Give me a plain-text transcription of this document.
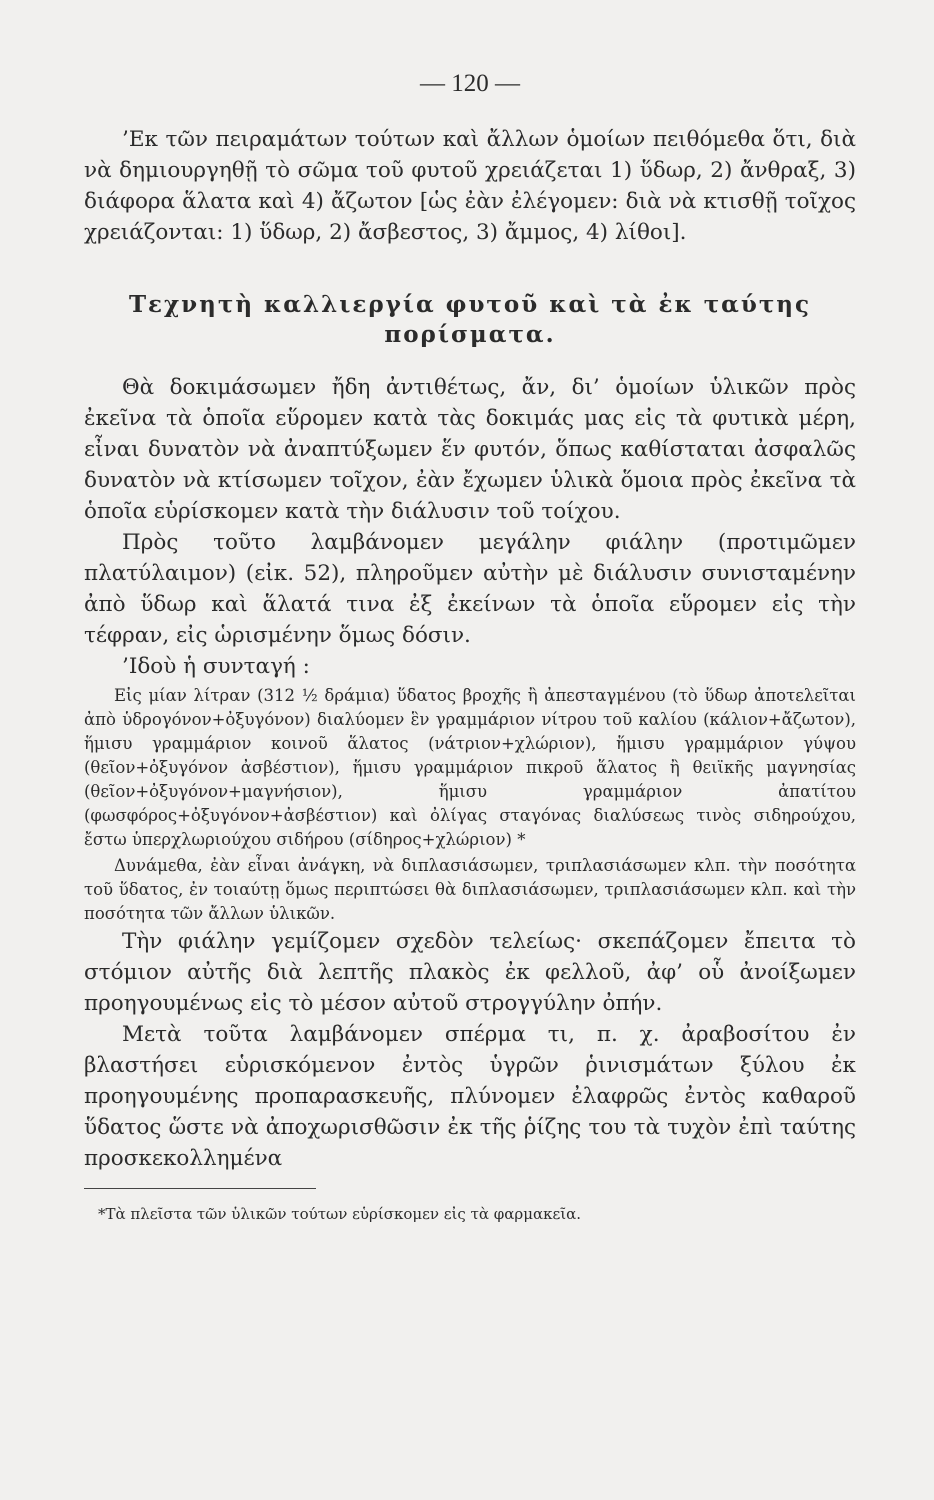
— 120 —

’Εκ τῶν πειραμάτων τούτων καὶ ἄλλων ὁμοίων πειθόμεθα ὅτι, διὰ νὰ δημιουργηθῇ τὸ σῶμα τοῦ φυτοῦ χρειάζεται 1) ὕδωρ, 2) ἄνθραξ, 3) διάφορα ἅλατα καὶ 4) ἄζωτον [ὡς ἐὰν ἐλέγομεν: διὰ νὰ κτισθῇ τοῖχος χρειάζονται: 1) ὕδωρ, 2) ἄσβεστος, 3) ἄμμος, 4) λίθοι].

Τεχνητὴ καλλιεργία φυτοῦ καὶ τὰ ἐκ ταύτης
πορίσματα.

Θὰ δοκιμάσωμεν ἤδη ἀντιθέτως, ἄν, δι’ ὁμοίων ὑλικῶν πρὸς ἐκεῖνα τὰ ὁποῖα εὕρομεν κατὰ τὰς δοκιμάς μας εἰς τὰ φυτικὰ μέρη, εἶναι δυνατὸν νὰ ἀναπτύξωμεν ἕν φυτόν, ὅπως καθίσταται ἀσφαλῶς δυνατὸν νὰ κτίσωμεν τοῖχον, ἐὰν ἔχωμεν ὑλικὰ ὅμοια πρὸς ἐκεῖνα τὰ ὁποῖα εὑρίσκομεν κατὰ τὴν διάλυσιν τοῦ τοίχου.

Πρὸς τοῦτο λαμβάνομεν μεγάλην φιάλην (προτιμῶμεν πλατύλαιμον) (εἰκ. 52), πληροῦμεν αὐτὴν μὲ διάλυσιν συνισταμένην ἀπὸ ὕδωρ καὶ ἅλατά τινα ἐξ ἐκείνων τὰ ὁποῖα εὕρομεν εἰς τὴν τέφραν, εἰς ὡρισμένην ὅμως δόσιν.

’Ιδοὺ ἡ συνταγή :

Εἰς μίαν λίτραν (312 ½ δράμια) ὕδατος βροχῆς ἢ ἀπεσταγμένου (τὸ ὕδωρ ἀποτελεῖται ἀπὸ ὑδρογόνον+ὀξυγόνον) διαλύομεν ἓν γραμμάριον νίτρου τοῦ καλίου (κάλιον+ἄζωτον), ἥμισυ γραμμάριον κοινοῦ ἅλατος (νάτριον+χλώριον), ἥμισυ γραμμάριον γύψου (θεῖον+ὀξυγόνον ἀσβέστιον), ἥμισυ γραμμάριον πικροῦ ἅλατος ἢ θειϊκῆς μαγνησίας (θεῖον+ὀξυγόνον+μαγνήσιον), ἥμισυ γραμμάριον ἀπατίτου (φωσφόρος+ὀξυγόνον+ἀσβέστιον) καὶ ὀλίγας σταγόνας διαλύσεως τινὸς σιδηρούχου, ἔστω ὑπερχλωριούχου σιδήρου (σίδηρος+χλώριον) *

Δυνάμεθα, ἐὰν εἶναι ἀνάγκη, νὰ διπλασιάσωμεν, τριπλασιάσωμεν κλπ. τὴν ποσότητα τοῦ ὕδατος, ἐν τοιαύτῃ ὅμως περιπτώσει θὰ διπλασιάσωμεν, τριπλασιάσωμεν κλπ. καὶ τὴν ποσότητα τῶν ἄλλων ὑλικῶν.

Τὴν φιάλην γεμίζομεν σχεδὸν τελείως· σκεπάζομεν ἔπειτα τὸ στόμιον αὐτῆς διὰ λεπτῆς πλακὸς ἐκ φελλοῦ, ἀφ’ οὗ ἀνοίξωμεν προηγουμένως εἰς τὸ μέσον αὐτοῦ στρογγύλην ὀπήν.

Μετὰ τοῦτα λαμβάνομεν σπέρμα τι, π. χ. ἀραβοσίτου ἐν βλαστήσει εὑρισκόμενον ἐντὸς ὑγρῶν ῥινισμάτων ξύλου ἐκ προηγουμένης προπαρασκευῆς, πλύνομεν ἐλαφρῶς ἐντὸς καθαροῦ ὕδατος ὥστε νὰ ἀποχωρισθῶσιν ἐκ τῆς ῥίζης του τὰ τυχὸν ἐπὶ ταύτης προσκεκολλημένα

*Τὰ πλεῖστα τῶν ὑλικῶν τούτων εὑρίσκομεν εἰς τὰ φαρμακεῖα.
